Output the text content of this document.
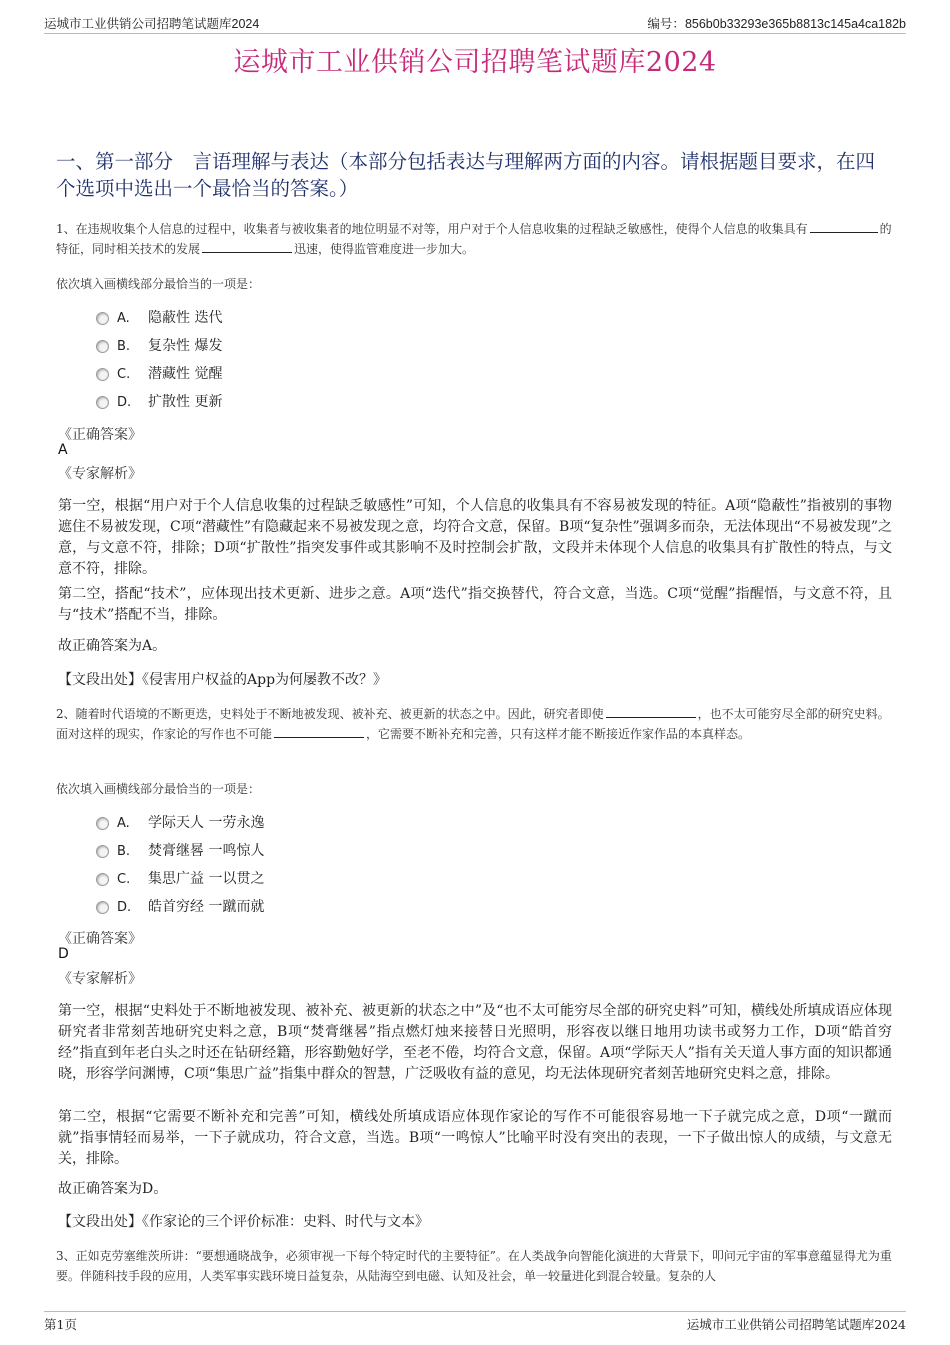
运城市工业供销公司招聘笔试题库2024	编号：856b0b33293e365b8813c145a4ca182b
运城市工业供销公司招聘笔试题库2024
一、第一部分　言语理解与表达（本部分包括表达与理解两方面的内容。请根据题目要求，在四个选项中选出一个最恰当的答案。）
1、在违规收集个人信息的过程中，收集者与被收集者的地位明显不对等，用户对于个人信息收集的过程缺乏敏感性，使得个人信息的收集具有	的特征，同时相关技术的发展	迅速，使得监管难度进一步加大。
依次填入画横线部分最恰当的一项是：
A. 隐蔽性 迭代
B. 复杂性 爆发
C. 潜藏性 觉醒
D. 扩散性 更新
《正确答案》
A
《专家解析》
第一空，根据“用户对于个人信息收集的过程缺乏敏感性”可知，个人信息的收集具有不容易被发现的特征。A项“隐蔽性”指被别的事物遮住不易被发现，C项“潜藏性”有隐藏起来不易被发现之意，均符合文意，保留。B项“复杂性”强调多而杂，无法体现出“不易被发现”之意，与文意不符，排除；D项“扩散性”指突发事件或其影响不及时控制会扩散，文段并未体现个人信息的收集具有扩散性的特点，与文意不符，排除。
第二空，搭配“技术”，应体现出技术更新、进步之意。A项“迭代”指交换替代，符合文意，当选。C项“觉醒”指醒悟，与文意不符，且与“技术”搭配不当，排除。
故正确答案为A。
【文段出处】《侵害用户权益的App为何屡教不改？》
2、随着时代语境的不断更迭，史料处于不断地被发现、被补充、被更新的状态之中。因此，研究者即使	，也不太可能穷尽全部的研究史料。面对这样的现实，作家论的写作也不可能	，它需要不断补充和完善，只有这样才能不断接近作家作品的本真样态。
依次填入画横线部分最恰当的一项是：
A. 学际天人 一劳永逸
B. 焚膏继晷 一鸣惊人
C. 集思广益 一以贯之
D. 皓首穷经 一蹴而就
《正确答案》
D
《专家解析》
第一空，根据“史料处于不断地被发现、被补充、被更新的状态之中”及“也不太可能穷尽全部的研究史料”可知，横线处所填成语应体现研究者非常刻苦地研究史料之意，B项“焚膏继晷”指点燃灯烛来接替日光照明，形容夜以继日地用功读书或努力工作，D项“皓首穷经”指直到年老白头之时还在钻研经籍，形容勤勉好学，至老不倦，均符合文意，保留。A项“学际天人”指有关天道人事方面的知识都通晓，形容学问渊博，C项“集思广益”指集中群众的智慧，广泛吸收有益的意见，均无法体现研究者刻苦地研究史料之意，排除。
第二空，根据“它需要不断补充和完善”可知，横线处所填成语应体现作家论的写作不可能很容易地一下子就完成之意，D项“一蹴而就”指事情轻而易举，一下子就成功，符合文意，当选。B项“一鸣惊人”比喻平时没有突出的表现，一下子做出惊人的成绩，与文意无关，排除。
故正确答案为D。
【文段出处】《作家论的三个评价标准：史料、时代与文本》
3、正如克劳塞维茨所讲：“要想通晓战争，必须审视一下每个特定时代的主要特征”。在人类战争向智能化演进的大背景下，叩问元宇宙的军事意蕴显得尤为重要。伴随科技手段的应用，人类军事实践环境日益复杂，从陆海空到电磁、认知及社会，单一较量进化到混合较量。复杂的人
第1页	运城市工业供销公司招聘笔试题库2024
